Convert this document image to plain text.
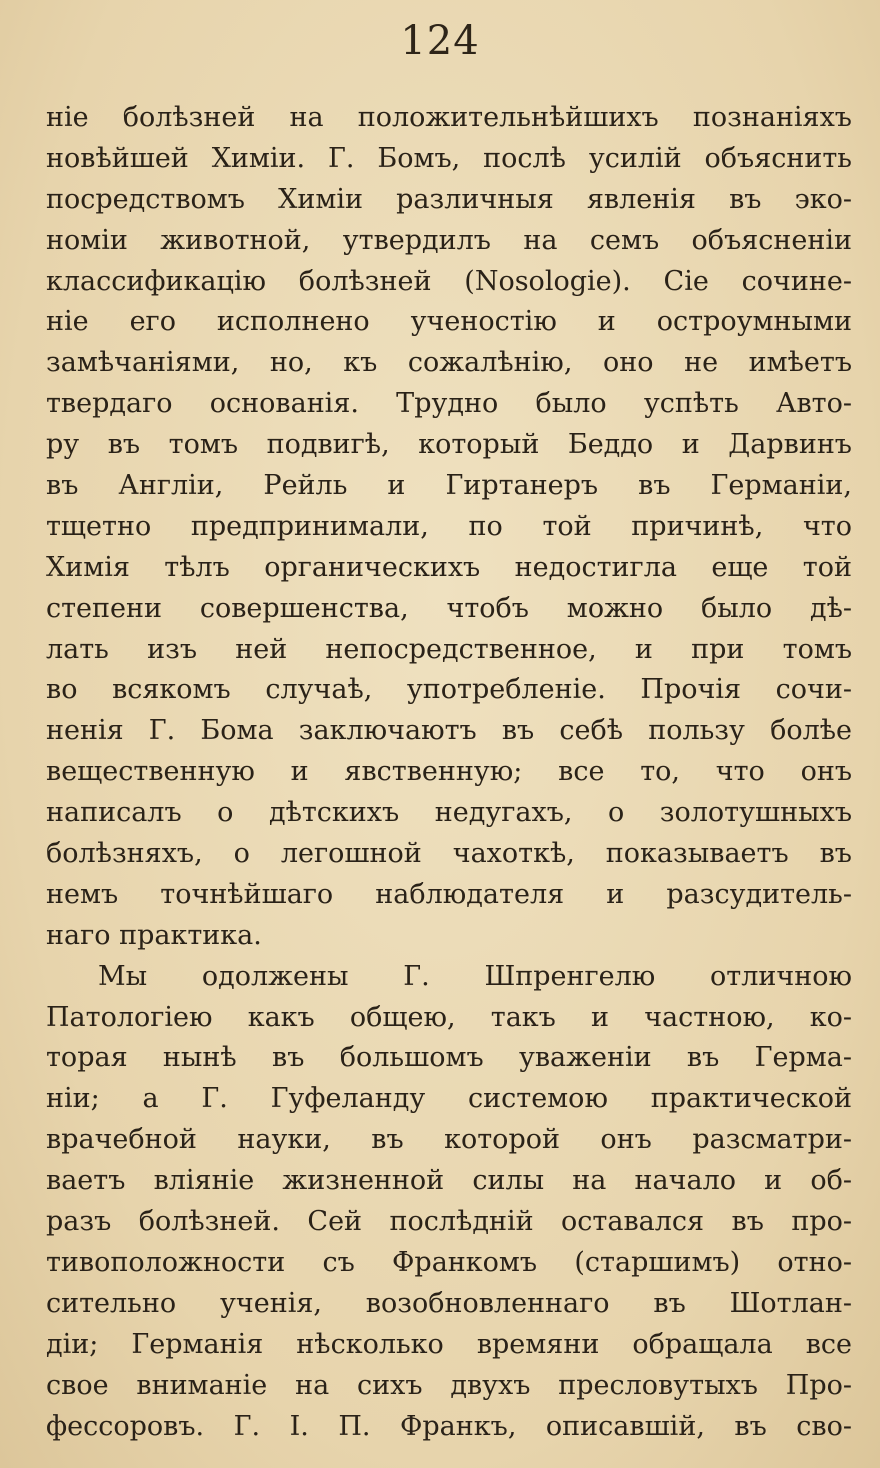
124
ніе болѣзней на положительнѣйшихъ познаніяхъ
новѣйшей Химіи. Г. Бомъ, послѣ усилій объяснить
посредствомъ Химіи различныя явленія въ эко-
номіи животной, утвердилъ на семъ объясненіи
классификацію болѣзней (Nosologie). Сіе сочине-
ніе его исполнено ученостію и остроумными
замѣчаніями, но, къ сожалѣнію, оно не имѣетъ
твердаго основанія. Трудно было успѣть Авто-
ру въ томъ подвигѣ, который Беддо и Дарвинъ
въ Англіи, Рейль и Гиртанеръ въ Германіи,
тщетно предпринимали, по той причинѣ, что
Химія тѣлъ органическихъ недостигла еще той
степени совершенства, чтобъ можно было дѣ-
лать изъ ней непосредственное, и при томъ
во всякомъ случаѣ, употребленіе. Прочія сочи-
ненія Г. Бома заключаютъ въ себѣ пользу болѣе
вещественную и явственную; все то, что онъ
написалъ о дѣтскихъ недугахъ, о золотушныхъ
болѣзняхъ, о легошной чахоткѣ, показываетъ въ
немъ точнѣйшаго наблюдателя и разсудитель-
наго практика.
Мы одолжены Г. Шпренгелю отличною
Патологіею какъ общею, такъ и частною, ко-
торая нынѣ въ большомъ уваженіи въ Герма-
ніи; а Г. Гуфеланду системою практической
врачебной науки, въ которой онъ разсматри-
ваетъ вліяніе жизненной силы на начало и об-
разъ болѣзней. Сей послѣдній оставался въ про-
тивоположности съ Франкомъ (старшимъ) отно-
сительно ученія, возобновленнаго въ Шотлан-
діи; Германія нѣсколько времяни обращала все
свое вниманіе на сихъ двухъ пресловутыхъ Про-
фессоровъ. Г. І. П. Франкъ, описавшій, въ сво-
